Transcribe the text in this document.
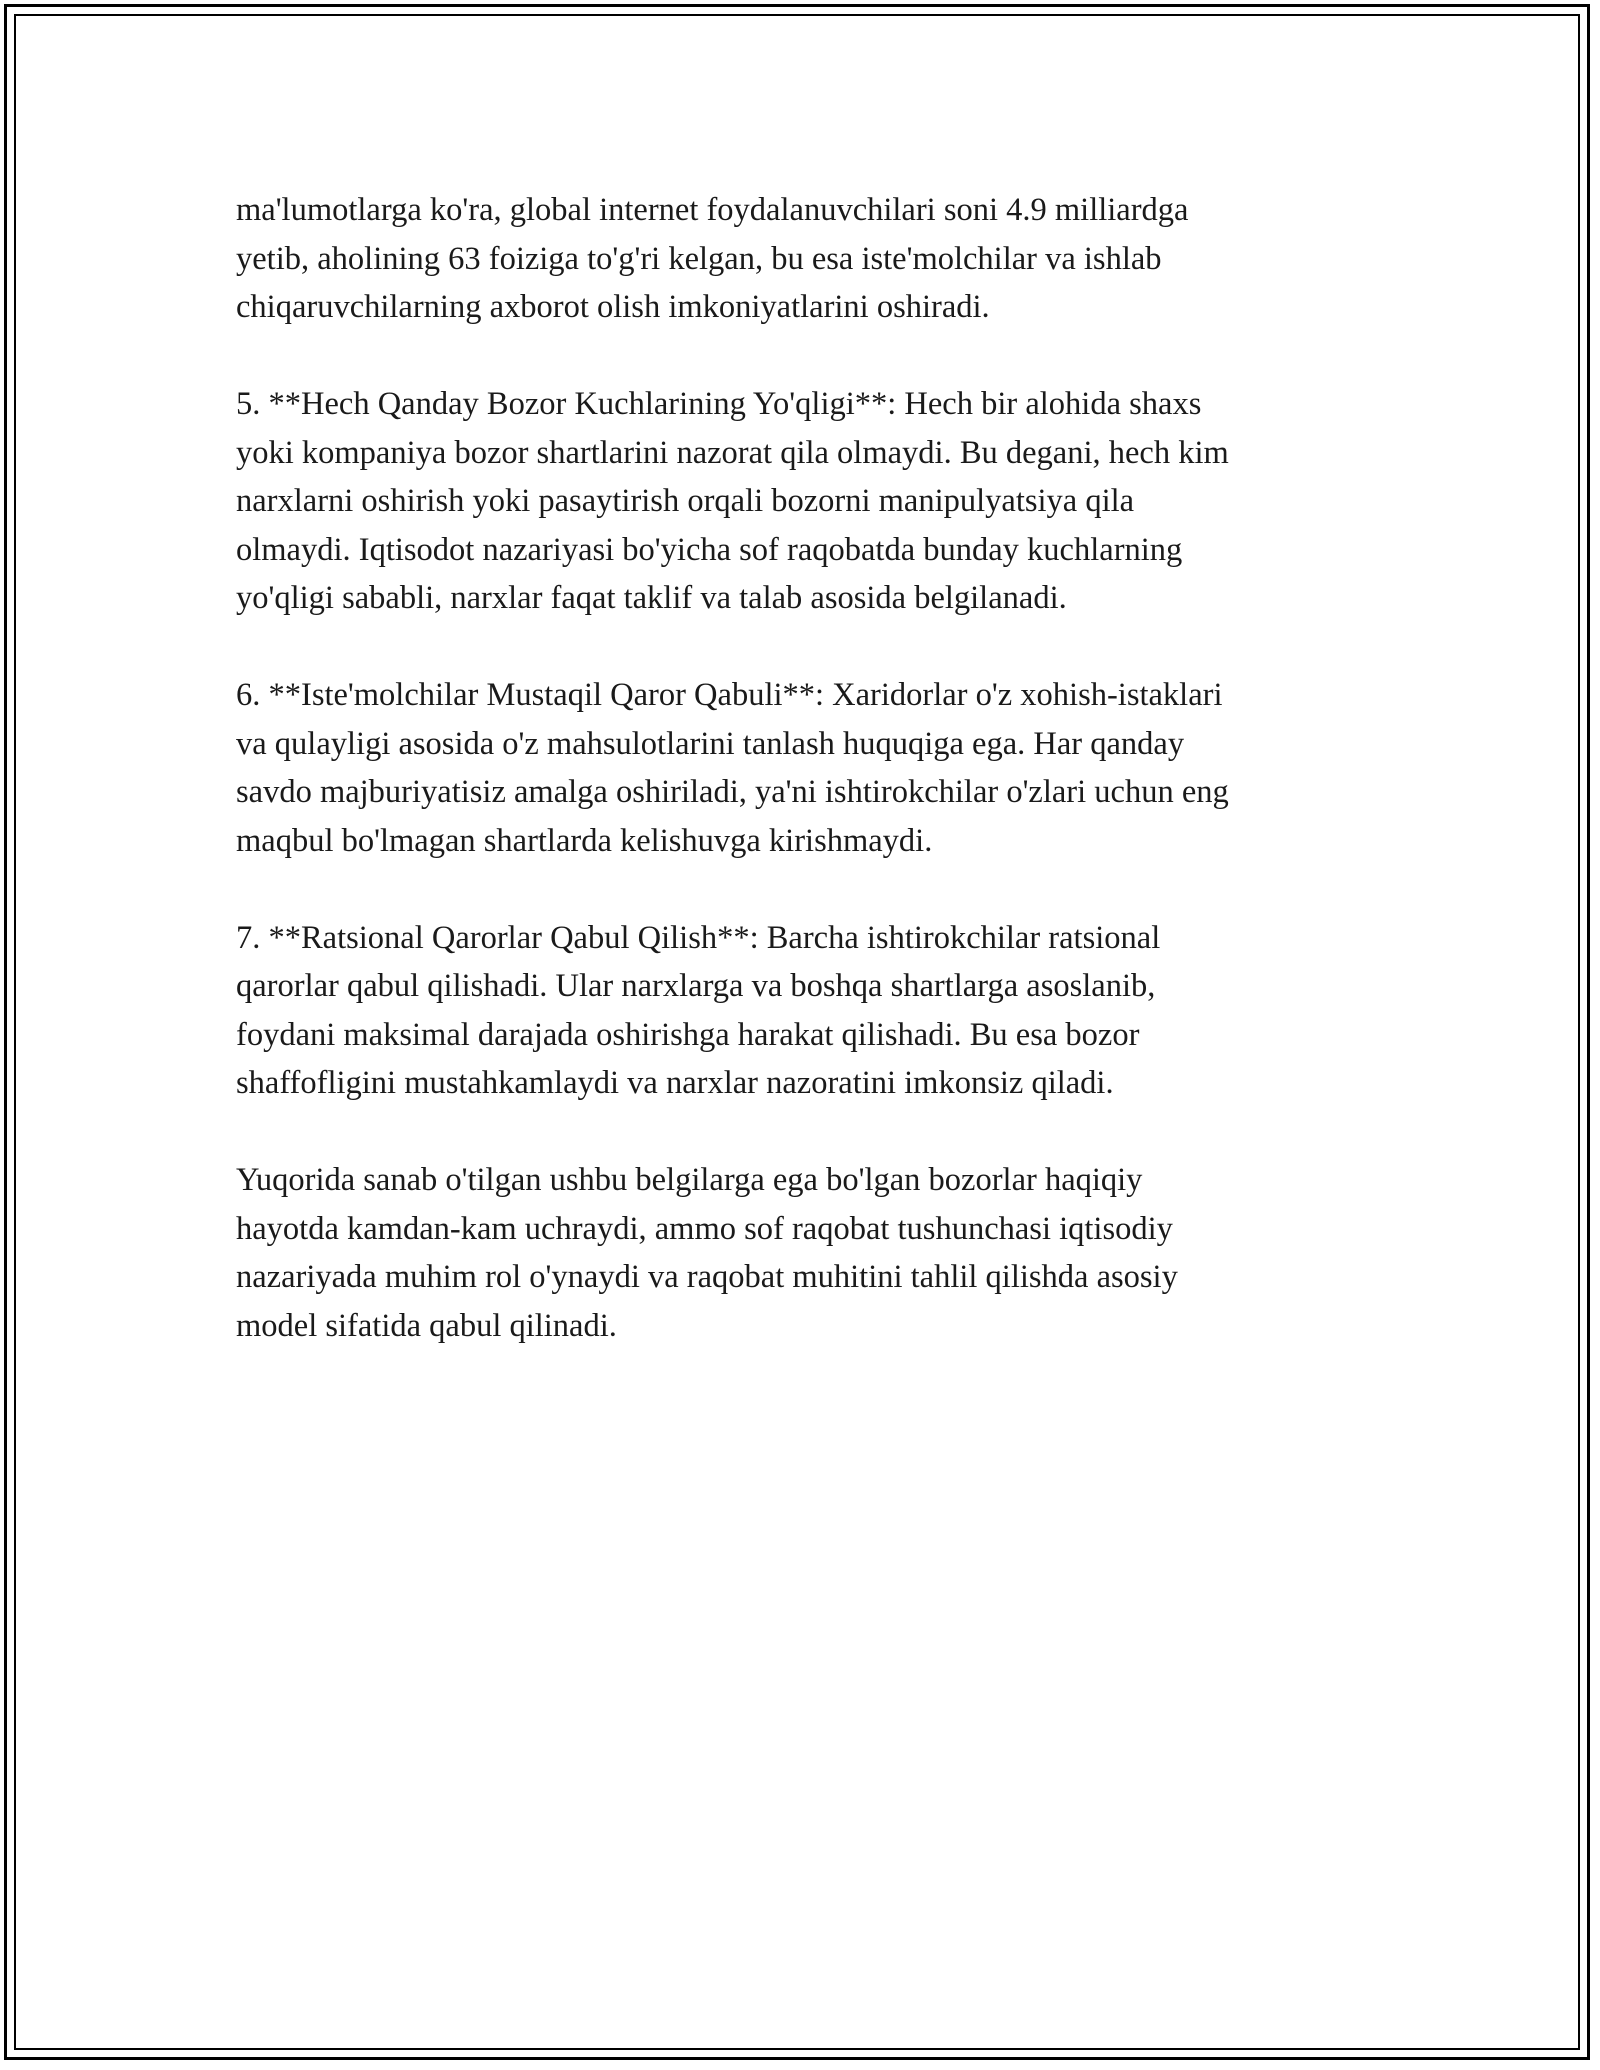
ma'lumotlarga ko'ra, global internet foydalanuvchilari soni 4.9 milliardga
yetib, aholining 63 foiziga to'g'ri kelgan, bu esa iste'molchilar va ishlab
chiqaruvchilarning axborot olish imkoniyatlarini oshiradi.

5. **Hech Qanday Bozor Kuchlarining Yo'qligi**: Hech bir alohida shaxs
yoki kompaniya bozor shartlarini nazorat qila olmaydi. Bu degani, hech kim
narxlarni oshirish yoki pasaytirish orqali bozorni manipulyatsiya qila
olmaydi. Iqtisodot nazariyasi bo'yicha sof raqobatda bunday kuchlarning
yo'qligi sababli, narxlar faqat taklif va talab asosida belgilanadi.

6. **Iste'molchilar Mustaqil Qaror Qabuli**: Xaridorlar o'z xohish-istaklari
va qulayligi asosida o'z mahsulotlarini tanlash huquqiga ega. Har qanday
savdo majburiyatisiz amalga oshiriladi, ya'ni ishtirokchilar o'zlari uchun eng
maqbul bo'lmagan shartlarda kelishuvga kirishmaydi.

7. **Ratsional Qarorlar Qabul Qilish**: Barcha ishtirokchilar ratsional
qarorlar qabul qilishadi. Ular narxlarga va boshqa shartlarga asoslanib,
foydani maksimal darajada oshirishga harakat qilishadi. Bu esa bozor
shaffofligini mustahkamlaydi va narxlar nazoratini imkonsiz qiladi.

Yuqorida sanab o'tilgan ushbu belgilarga ega bo'lgan bozorlar haqiqiy
hayotda kamdan-kam uchraydi, ammo sof raqobat tushunchasi iqtisodiy
nazariyada muhim rol o'ynaydi va raqobat muhitini tahlil qilishda asosiy
model sifatida qabul qilinadi.
